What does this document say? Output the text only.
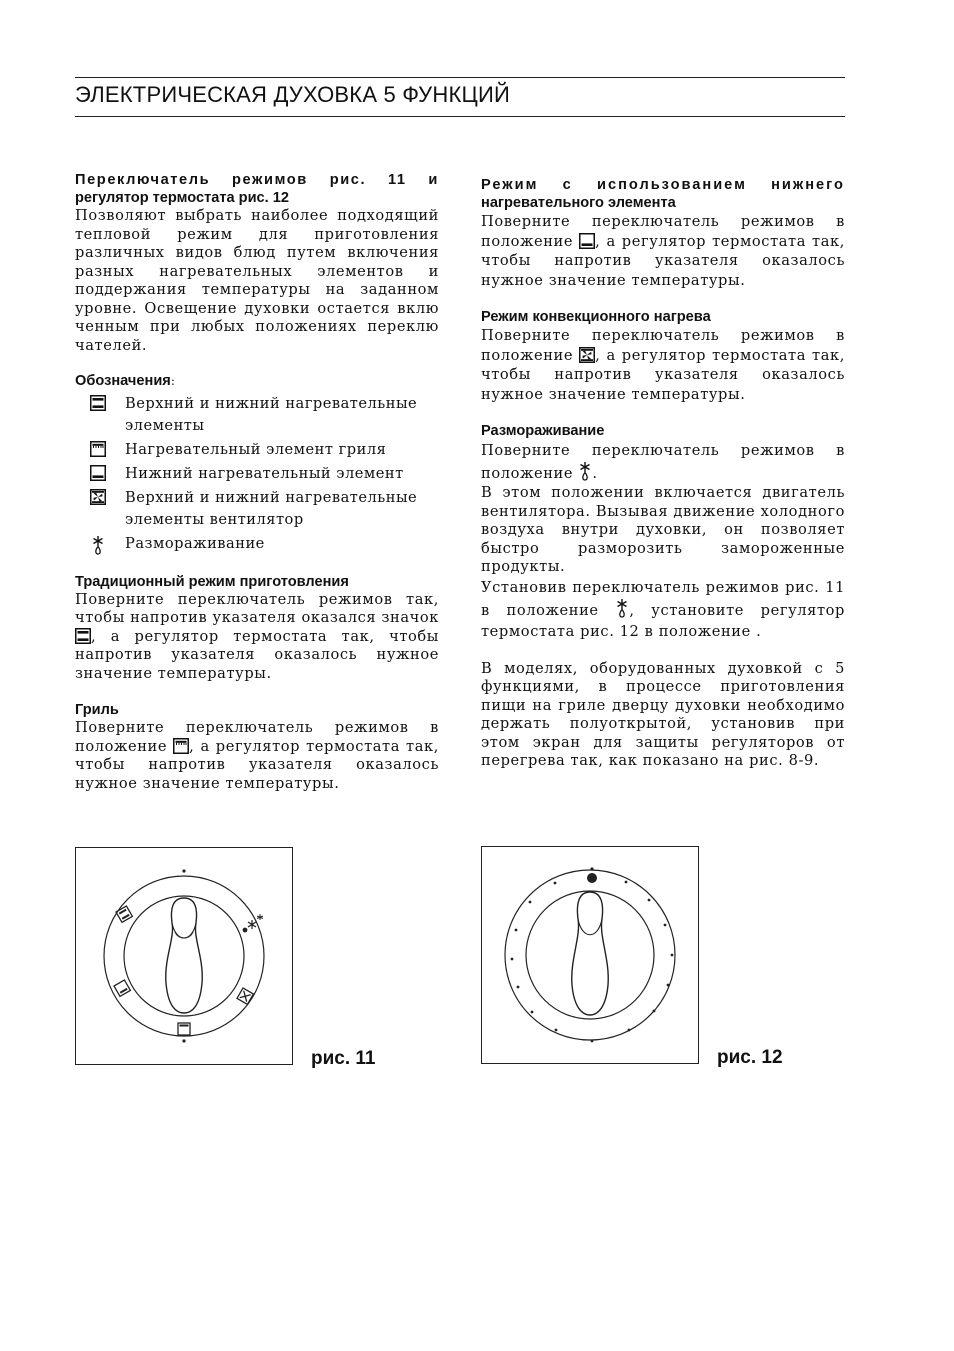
ЭЛЕКТРИЧЕСКАЯ ДУХОВКА 5 ФУНКЦИЙ
Переключатель режимов рис. 11 и
регулятор термостата рис. 12
Позволяют выбрать наиболее подходящий тепловой режим для приготовления различных видов блюд путем включения разных нагревательных элементов и поддержания температуры на заданном уровне. Освещение духовки остается вклю ченным при любых положениях переклю чателей.
Обозначения:
Верхний и нижний нагревательные элементы
Нагревательный элемент гриля
Нижний нагревательный элемент
Верхний и нижний нагревательные элементы вентилятор
Размораживание
Традиционный режим приготовления
Поверните переключатель режимов так, чтобы напротив указателя оказался значок
, а регулятор термостата так, чтобы напротив указателя оказалось нужное значение температуры.
Гриль
Поверните переключатель режимов в положение , а регулятор термостата так, чтобы напротив указателя оказалось нужное значение температуры.
Режим с использованием нижнего
нагревательного элемента
Поверните переключатель режимов в положение , а регулятор термостата так, чтобы напротив указателя оказалось нужное значение температуры.
Режим конвекционного нагрева
Поверните переключатель режимов в положение , а регулятор термостата так, чтобы напротив указателя оказалось нужное значение температуры.
Размораживание
Поверните переключатель режимов в положение .
В этом положении включается двигатель вентилятора. Вызывая движение холодного воздуха внутри духовки, он позволяет быстро разморозить замороженные продукты.
Установив переключатель режимов рис. 11 в положение , установите регулятор термостата рис. 12 в положение .
В моделях, оборудованных духовкой с 5 функциями, в процессе приготовления пищи на гриле дверцу духовки необходимо держать полуоткрытой, установив при этом экран для защиты регуляторов от перегрева так, как показано на рис. 8-9.
рис. 11	рис. 12
